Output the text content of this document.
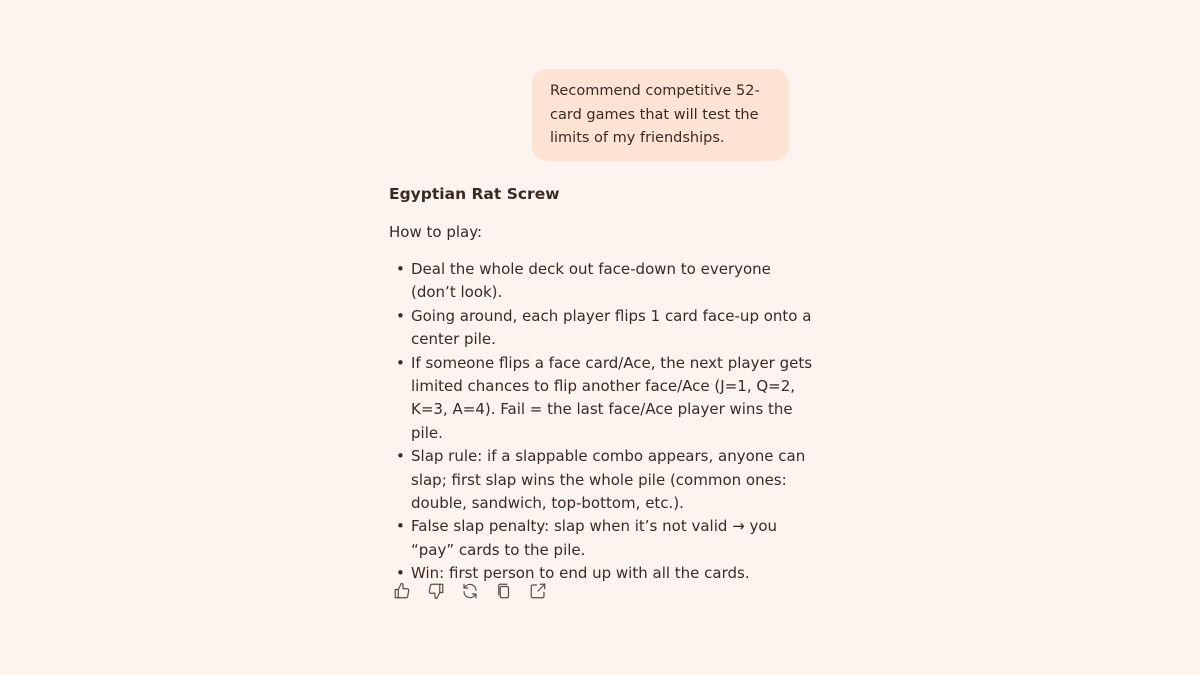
Recommend competitive 52-card games that will test the limits of my friendships.

Egyptian Rat Screw

How to play:

• Deal the whole deck out face-down to everyone (don’t look).
• Going around, each player flips 1 card face-up onto a center pile.
• If someone flips a face card/Ace, the next player gets limited chances to flip another face/Ace (J=1, Q=2, K=3, A=4). Fail = the last face/Ace player wins the pile.
• Slap rule: if a slappable combo appears, anyone can slap; first slap wins the whole pile (common ones: double, sandwich, top-bottom, etc.).
• False slap penalty: slap when it’s not valid → you “pay” cards to the pile.
• Win: first person to end up with all the cards.
